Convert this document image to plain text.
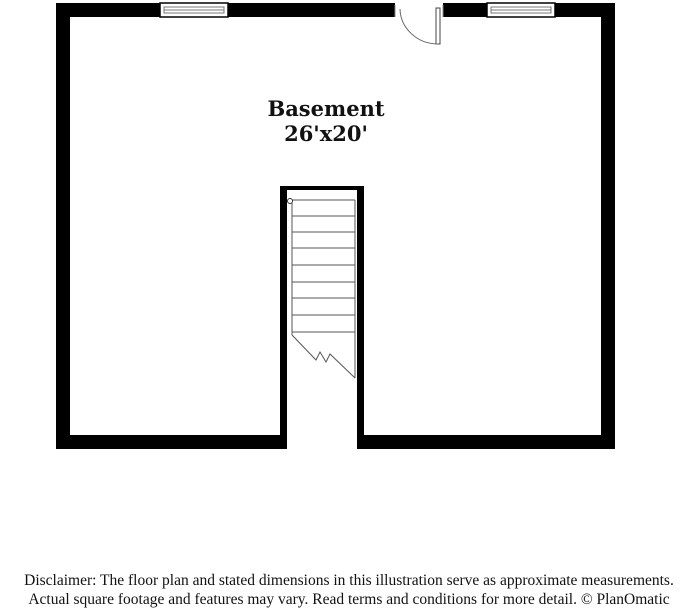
Basement
26'x20'
Disclaimer: The floor plan and stated dimensions in this illustration serve as approximate measurements.
Actual square footage and features may vary. Read terms and conditions for more detail. © PlanOmatic
